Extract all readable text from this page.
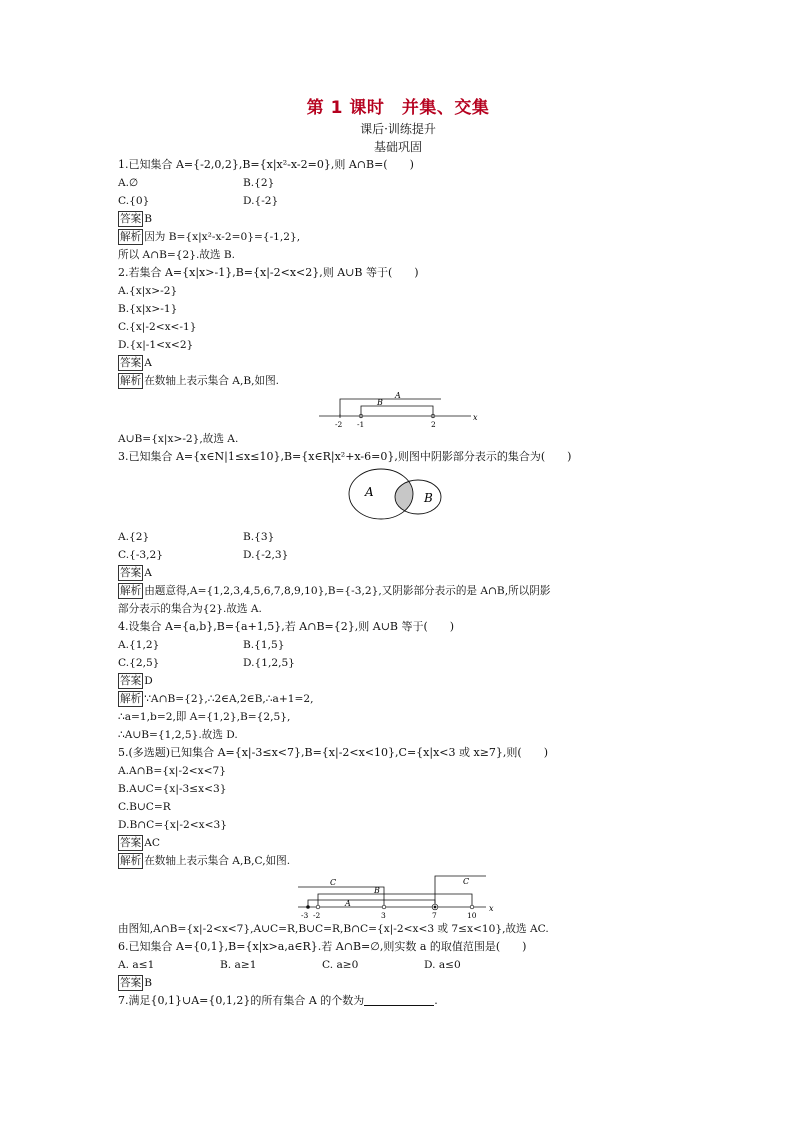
第 1 课时　并集、交集
课后·训练提升
基础巩固
1.已知集合 A={-2,0,2},B={x|x²-x-2=0},则 A∩B=(　　)
A.∅	B.{2}
C.{0}	D.{-2}
答案 B
解析 因为 B={x|x²-x-2=0}={-1,2},
所以 A∩B={2}.故选 B.
2.若集合 A={x|x>-1},B={x|-2<x<2},则 A∪B 等于(　　)
A.{x|x>-2}
B.{x|x>-1}
C.{x|-2<x<-1}
D.{x|-1<x<2}
答案 A
解析 在数轴上表示集合 A,B,如图.
A
B
-2 -1	2
x
A∪B={x|x>-2},故选 A.
3.已知集合 A={x∈N|1≤x≤10},B={x∈R|x²+x-6=0},则图中阴影部分表示的集合为(　　)
A	B
A.{2}	B.{3}
C.{-3,2}	D.{-2,3}
答案 A
解析 由题意得,A={1,2,3,4,5,6,7,8,9,10},B={-3,2},又阴影部分表示的是 A∩B,所以阴影
部分表示的集合为{2}.故选 A.
4.设集合 A={a,b},B={a+1,5},若 A∩B={2},则 A∪B 等于(　　)
A.{1,2}	B.{1,5}
C.{2,5}	D.{1,2,5}
答案 D
解析 ∵A∩B={2},∴2∈A,2∈B,∴a+1=2,
∴a=1,b=2,即 A={1,2},B={2,5},
∴A∪B={1,2,5}.故选 D.
5.(多选题)已知集合 A={x|-3≤x<7},B={x|-2<x<10},C={x|x<3 或 x≥7},则(　　)
A.A∩B={x|-2<x<7}
B.A∪C={x|-3≤x<3}
C.B∪C=R
D.B∩C={x|-2<x<3}
答案 AC
解析 在数轴上表示集合 A,B,C,如图.
C	C
B
A
-3 -2	3	7	10
x
由图知,A∩B={x|-2<x<7},A∪C=R,B∪C=R,B∩C={x|-2<x<3 或 7≤x<10},故选 AC.
6.已知集合 A={0,1},B={x|x>a,a∈R}.若 A∩B=∅,则实数 a 的取值范围是(　　)
A. a≤1	B. a≥1	C. a≥0	D. a≤0
答案 B
7.满足{0,1}∪A={0,1,2}的所有集合 A 的个数为	.
